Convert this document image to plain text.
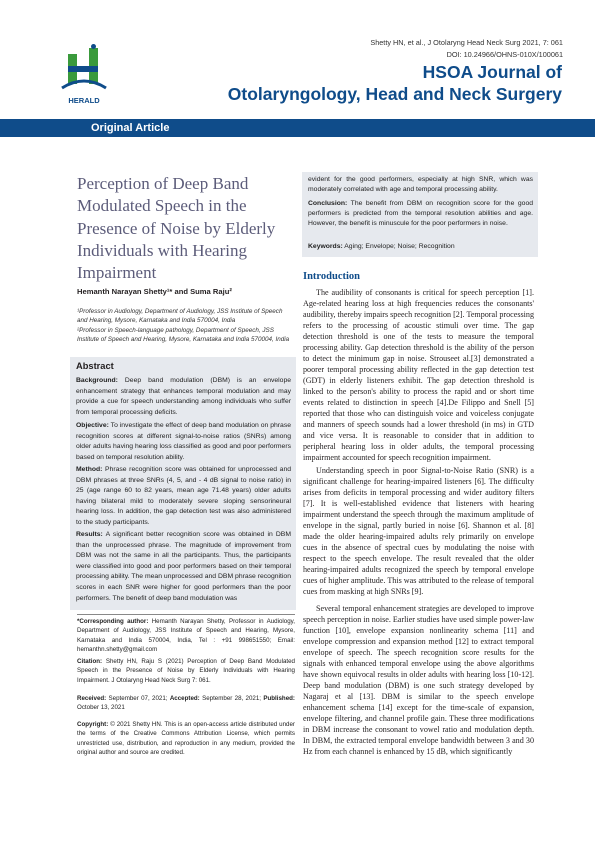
HERALD
Shetty HN, et al., J Otolaryng Head Neck Surg 2021, 7: 061
DOI: 10.24966/OHNS-010X/100061
HSOA Journal of
Otolaryngology, Head and Neck Surgery
Original Article
Perception of Deep Band Modulated Speech in the Presence of Noise by Elderly Individuals with Hearing Impairment
Hemanth Narayan Shetty¹* and Suma Raju²
¹Professor in Audiology, Department of Audiology, JSS Institute of Speech and Hearing, Mysore, Karnataka and India 570004, India
²Professor in Speech-language pathology, Department of Speech, JSS Institute of Speech and Hearing, Mysore, Karnataka and India 570004, India
Abstract
Background: Deep band modulation (DBM) is an envelope enhancement strategy that enhances temporal modulation and may provide a cue for speech understanding among individuals who suffer from temporal processing deficits.
Objective: To investigate the effect of deep band modulation on phrase recognition scores at different signal-to-noise ratios (SNRs) among older adults having hearing loss classified as good and poor performers based on temporal resolution ability.
Method: Phrase recognition score was obtained for unprocessed and DBM phrases at three SNRs (4, 5, and - 4 dB signal to noise ratio) in 25 (age range 60 to 82 years, mean age 71.48 years) older adults having bilateral mild to moderately severe sloping sensorineural hearing loss. In addition, the gap detection test was also administered to the study participants.
Results: A significant better recognition score was obtained in DBM than the unprocessed phrase. The magnitude of improvement from DBM was not the same in all the participants. Thus, the participants were classified into good and poor performers based on their temporal processing ability. The mean unprocessed and DBM phrase recognition scores in each SNR were higher for good performers than the poor performers. The benefit of deep band modulation was
*Corresponding author: Hemanth Narayan Shetty, Professor in Audiology, Department of Audiology, JSS Institute of Speech and Hearing, Mysore, Karnataka and India 570004, India, Tel : +91 998651550; Email: hemanthn.shetty@gmail.com
Citation: Shetty HN, Raju S (2021) Perception of Deep Band Modulated Speech in the Presence of Noise by Elderly Individuals with Hearing Impairment. J Otolaryng Head Neck Surg 7: 061.
Received: September 07, 2021; Accepted: September 28, 2021; Published: October 13, 2021
Copyright: © 2021 Shetty HN. This is an open-access article distributed under the terms of the Creative Commons Attribution License, which permits unrestricted use, distribution, and reproduction in any medium, provided the original author and source are credited.
evident for the good performers, especially at high SNR, which was moderately correlated with age and temporal processing ability.
Conclusion: The benefit from DBM on recognition score for the good performers is predicted from the temporal resolution abilities and age. However, the benefit is minuscule for the poor performers in noise.
Keywords: Aging; Envelope; Noise; Recognition
Introduction
The audibility of consonants is critical for speech perception [1]. Age-related hearing loss at high frequencies reduces the consonants' audibility, thereby impairs speech recognition [2]. Temporal processing refers to the processing of acoustic stimuli over time. The gap detection threshold is one of the tests to measure the temporal processing ability. Gap detection threshold is the ability of the person to detect the minimum gap in noise. Strouseet al.[3] demonstrated a poorer temporal processing ability reflected in the gap detection test (GDT) in elderly listeners exhibit. The gap detection threshold is linked to the person's ability to process the rapid and or short time events related to distinction in speech [4].De Filippo and Snell [5] reported that those who can distinguish voice and voiceless conjugate and manners of speech sounds had a lower threshold (in ms) in GTD and vice versa. It is reasonable to consider that in addition to peripheral hearing loss in older adults, the temporal processing impairment accounted for speech recognition impairment.
Understanding speech in poor Signal-to-Noise Ratio (SNR) is a significant challenge for hearing-impaired listeners [6]. The difficulty arises from deficits in temporal processing and wider auditory filters [7]. It is well-established evidence that listeners with hearing impairment understand the speech through the maximum amplitude of envelope in the signal, partly buried in noise [6]. Shannon et al. [8] made the older hearing-impaired adults rely primarily on envelope cues in the absence of spectral cues by modulating the noise with respect to the speech envelope. The result revealed that the older hearing-impaired adults recognized the speech by temporal envelope cues of higher amplitude. This was attributed to the release of temporal cues from masking at high SNRs [9].
Several temporal enhancement strategies are developed to improve speech perception in noise. Earlier studies have used simple power-law function [10], envelope expansion nonlinearity schema [11] and envelope compression and expansion method [12] to extract temporal envelope of speech. The speech recognition score results for the signals with enhanced temporal envelope using the above algorithms have shown equivocal results in older adults with hearing loss [10-12]. Deep band modulation (DBM) is one such strategy developed by Nagaraj et al [13]. DBM is similar to the speech envelope enhancement schema [14] except for the time-scale of expansion, envelope filtering, and channel profile gain. These three modifications in DBM increase the consonant to vowel ratio and modulation depth. In DBM, the extracted temporal envelope bandwidth between 3 and 30 Hz from each channel is enhanced by 15 dB, which significantly
